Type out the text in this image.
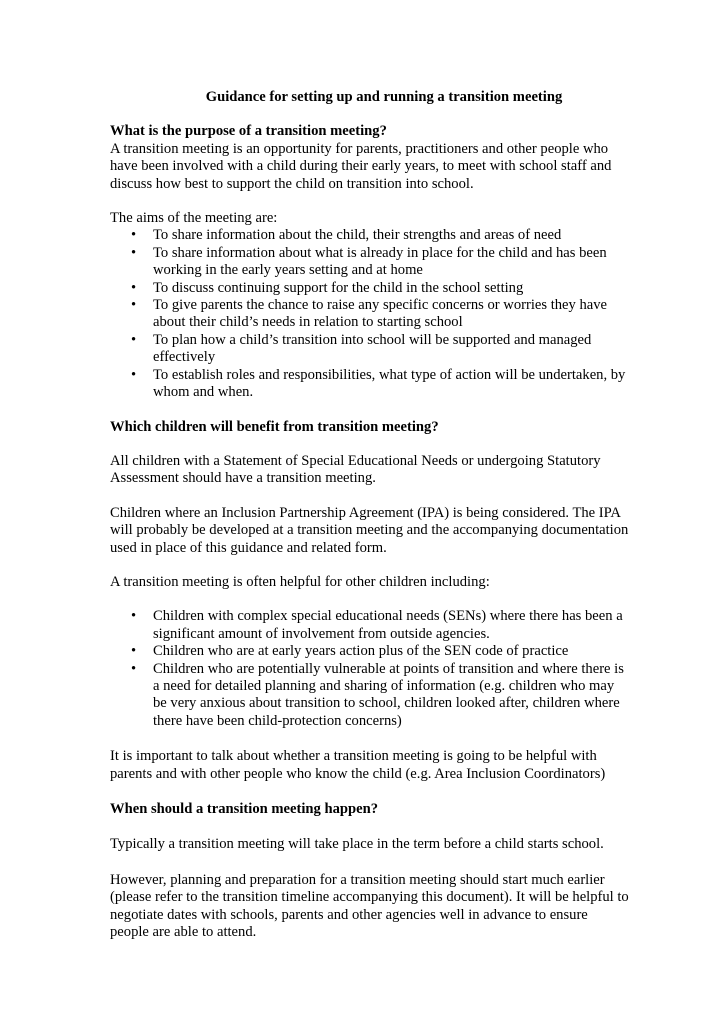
Guidance for setting up and running a transition meeting

What is the purpose of a transition meeting?

A transition meeting is an opportunity for parents, practitioners and other people who have been involved with a child during their early years, to meet with school staff and discuss how best to support the child on transition into school.

The aims of the meeting are:

• To share information about the child, their strengths and areas of need
• To share information about what is already in place for the child and has been working in the early years setting and at home
• To discuss continuing support for the child in the school setting
• To give parents the chance to raise any specific concerns or worries they have about their child’s needs in relation to starting school
• To plan how a child’s transition into school will be supported and managed effectively
• To establish roles and responsibilities, what type of action will be undertaken, by whom and when.

Which children will benefit from transition meeting?

All children with a Statement of Special Educational Needs or undergoing Statutory Assessment should have a transition meeting.

Children where an Inclusion Partnership Agreement (IPA) is being considered. The IPA will probably be developed at a transition meeting and the accompanying documentation used in place of this guidance and related form.

A transition meeting is often helpful for other children including:

• Children with complex special educational needs (SENs) where there has been a significant amount of involvement from outside agencies.
• Children who are at early years action plus of the SEN code of practice
• Children who are potentially vulnerable at points of transition and where there is a need for detailed planning and sharing of information (e.g. children who may be very anxious about transition to school, children looked after, children where there have been child-protection concerns)

It is important to talk about whether a transition meeting is going to be helpful with parents and with other people who know the child (e.g. Area Inclusion Coordinators)

When should a transition meeting happen?

Typically a transition meeting will take place in the term before a child starts school.

However, planning and preparation for a transition meeting should start much earlier (please refer to the transition timeline accompanying this document). It will be helpful to negotiate dates with schools, parents and other agencies well in advance to ensure people are able to attend.
